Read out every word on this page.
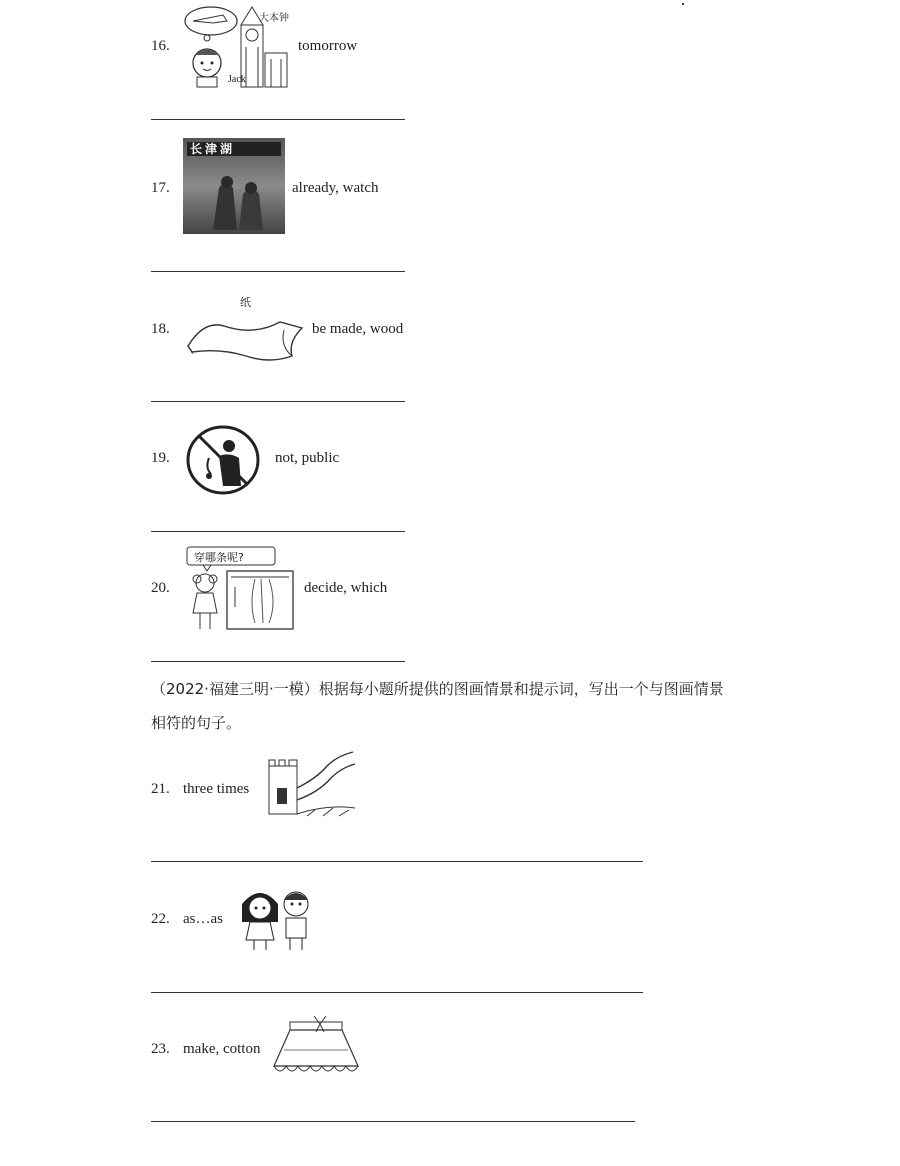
16.
大本钟
Jack
tomorrow
17.
长津湖
already, watch
纸
18.	be made, wood
19.	not, public
20.
穿哪条呢?
decide, which
（2022·福建三明·一模）根据每小题所提供的图画情景和提示词，写出一个与图画情景
相符的句子。
21. three times
22. as…as
23. make, cotton
